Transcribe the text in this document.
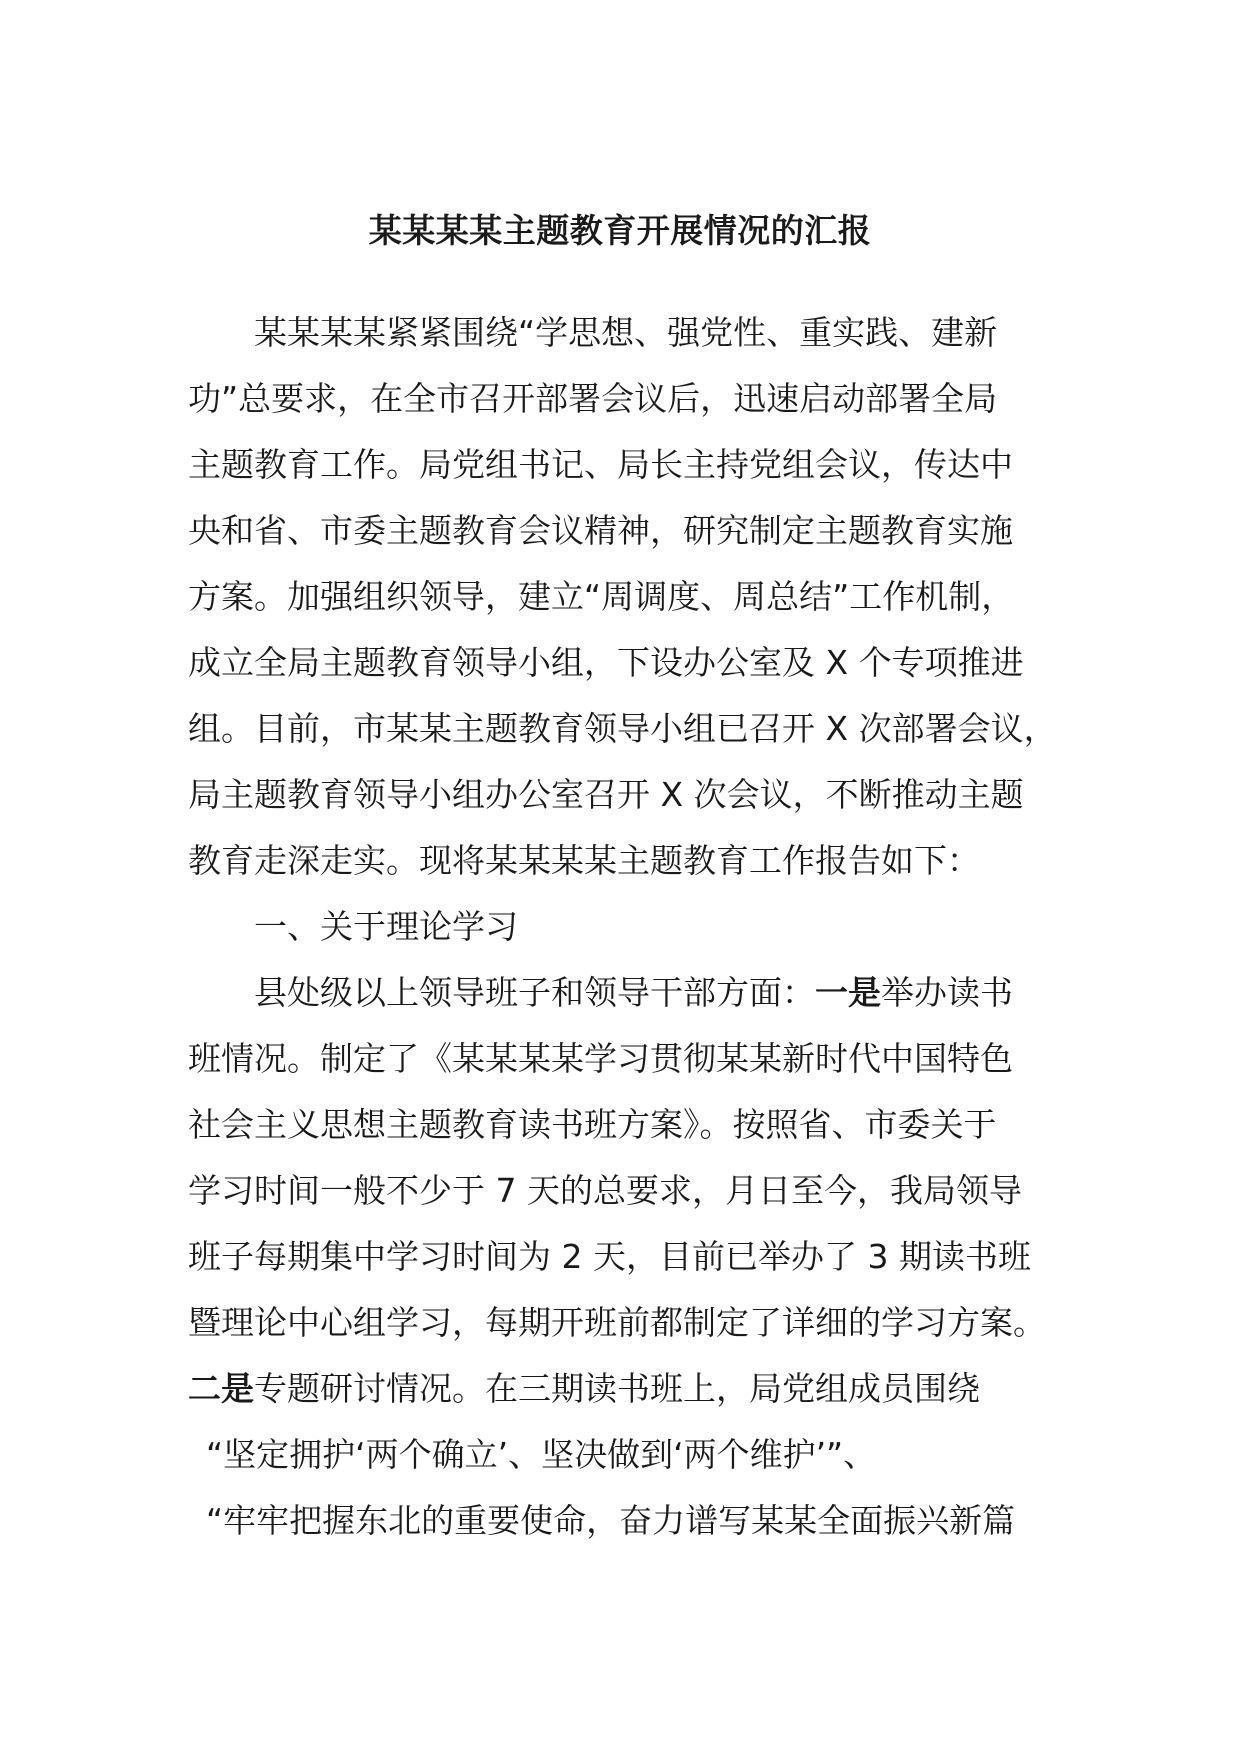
某某某某主题教育开展情况的汇报
某某某某紧紧围绕“学思想、强党性、重实践、建新
功”总要求，在全市召开部署会议后，迅速启动部署全局
主题教育工作。局党组书记、局长主持党组会议，传达中
央和省、市委主题教育会议精神，研究制定主题教育实施
方案。加强组织领导，建立“周调度、周总结”工作机制，
成立全局主题教育领导小组，下设办公室及 X 个专项推进
组。目前，市某某主题教育领导小组已召开 X 次部署会议，
局主题教育领导小组办公室召开 X 次会议，不断推动主题
教育走深走实。现将某某某某主题教育工作报告如下：
一、关于理论学习
县处级以上领导班子和领导干部方面：一是举办读书
班情况。制定了《某某某某学习贯彻某某新时代中国特色
社会主义思想主题教育读书班方案》。按照省、市委关于
学习时间一般不少于 7 天的总要求，月日至今，我局领导
班子每期集中学习时间为 2 天，目前已举办了 3 期读书班
暨理论中心组学习，每期开班前都制定了详细的学习方案。
二是专题研讨情况。在三期读书班上，局党组成员围绕
“坚定拥护‘两个确立’、坚决做到‘两个维护’”、
“牢牢把握东北的重要使命，奋力谱写某某全面振兴新篇
